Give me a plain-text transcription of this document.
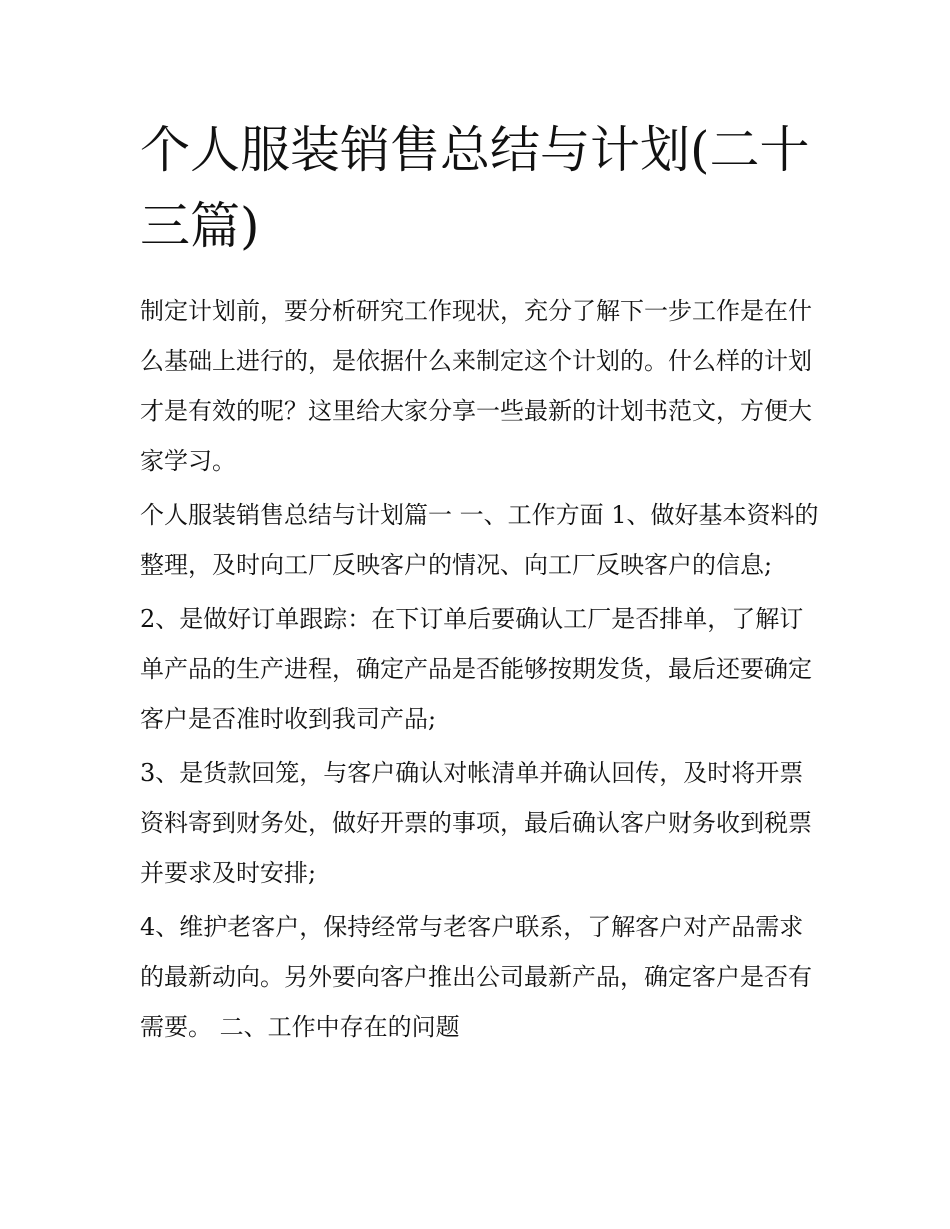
个人服装销售总结与计划(二十三篇)

制定计划前，要分析研究工作现状，充分了解下一步工作是在什么基础上进行的，是依据什么来制定这个计划的。什么样的计划才是有效的呢？这里给大家分享一些最新的计划书范文，方便大家学习。

个人服装销售总结与计划篇一 一、工作方面 1、做好基本资料的整理，及时向工厂反映客户的情况、向工厂反映客户的信息;

2、是做好订单跟踪：在下订单后要确认工厂是否排单，了解订单产品的生产进程，确定产品是否能够按期发货，最后还要确定客户是否准时收到我司产品;

3、是货款回笼，与客户确认对帐清单并确认回传，及时将开票资料寄到财务处，做好开票的事项，最后确认客户财务收到税票并要求及时安排;

4、维护老客户，保持经常与老客户联系，了解客户对产品需求的最新动向。另外要向客户推出公司最新产品，确定客户是否有需要。 二、工作中存在的问题
